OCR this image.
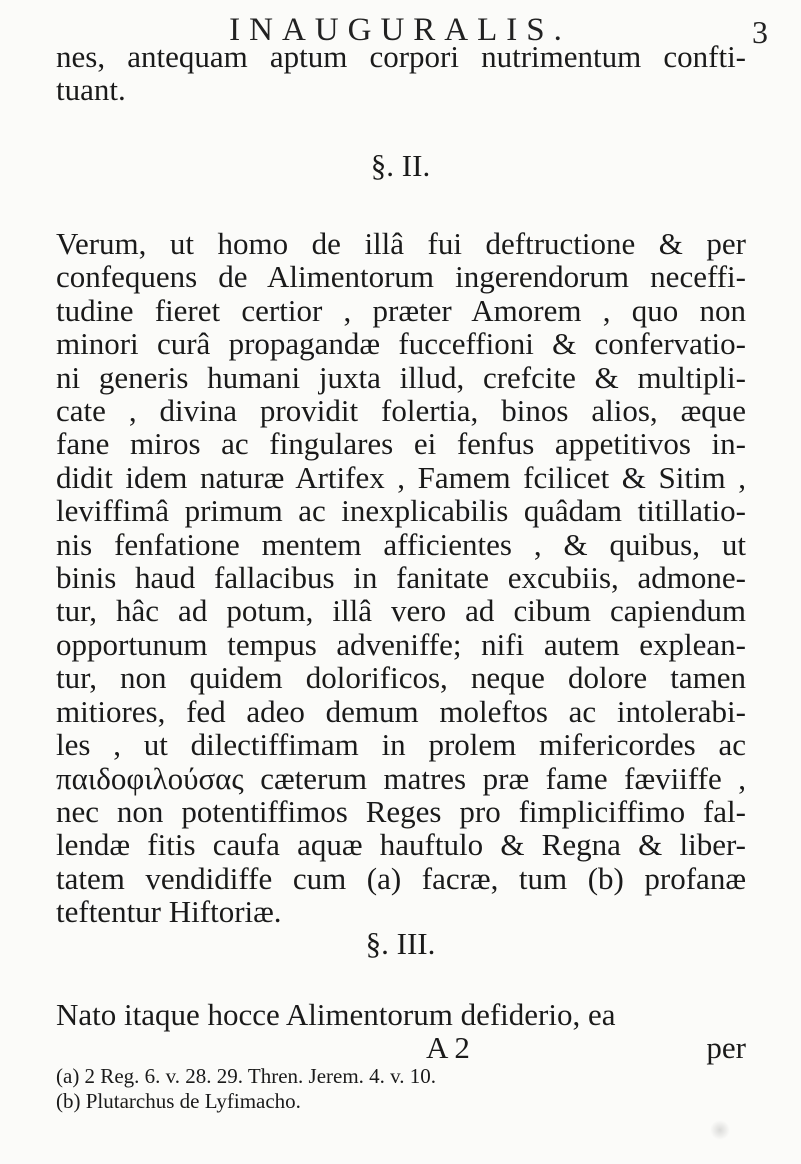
INAUGURALIS.	3
nes, antequam aptum corpori nutrimentum confti-
tuant.
§. II.
Verum, ut homo de illâ fui deftructione & per
confequens de Alimentorum ingerendorum neceffi-
tudine fieret certior , præter Amorem , quo non
minori curâ propagandæ fucceffioni & confervatio-
ni generis humani juxta illud, crefcite & multipli-
cate , divina providit folertia, binos alios, æque
fane miros ac fingulares ei fenfus appetitivos in-
didit idem naturæ Artifex , Famem fcilicet & Sitim ,
leviffimâ primum ac inexplicabilis quâdam titillatio-
nis fenfatione mentem afficientes , & quibus, ut
binis haud fallacibus in fanitate excubiis, admone-
tur, hâc ad potum, illâ vero ad cibum capiendum
opportunum tempus adveniffe; nifi autem explean-
tur, non quidem dolorificos, neque dolore tamen
mitiores, fed adeo demum moleftos ac intolerabi-
les , ut dilectiffimam in prolem mifericordes ac
παιδοφιλούσας cæterum matres præ fame fæviiffe ,
nec non potentiffimos Reges pro fimpliciffimo fal-
lendæ fitis caufa aquæ hauftulo & Regna & liber-
tatem vendidiffe cum (a) facræ, tum (b) profanæ
teftentur Hiftoriæ.
§. III.
Nato itaque hocce Alimentorum defiderio, ea
A 2	per
(a) 2 Reg. 6. v. 28. 29. Thren. Jerem. 4. v. 10.
(b) Plutarchus de Lyfimacho.
